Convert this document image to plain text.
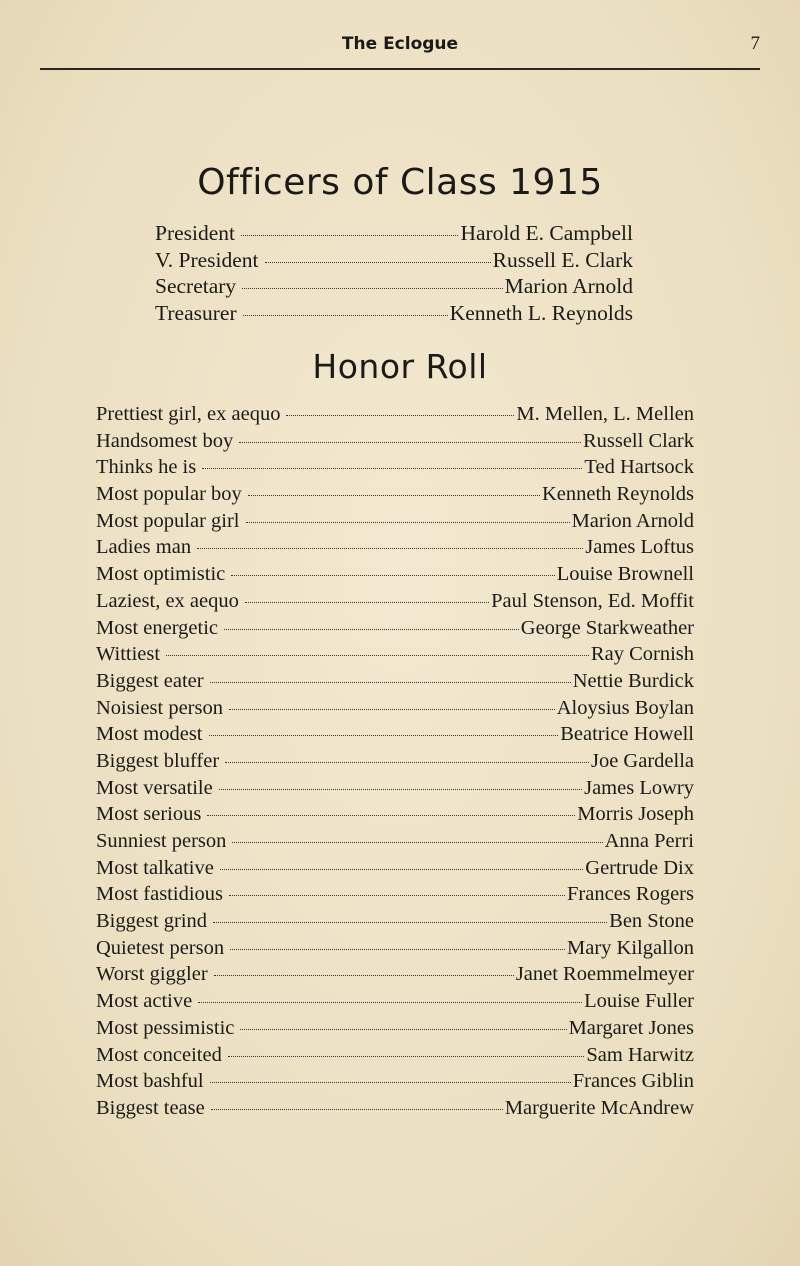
The Eclogue	7
Officers of Class 1915
President	Harold E. Campbell
V. President	Russell E. Clark
Secretary	Marion Arnold
Treasurer	Kenneth L. Reynolds
Honor Roll
Prettiest girl, ex aequo	M. Mellen, L. Mellen
Handsomest boy	Russell Clark
Thinks he is	Ted Hartsock
Most popular boy	Kenneth Reynolds
Most popular girl	Marion Arnold
Ladies man	James Loftus
Most optimistic	Louise Brownell
Laziest, ex aequo	Paul Stenson, Ed. Moffit
Most energetic	George Starkweather
Wittiest	Ray Cornish
Biggest eater	Nettie Burdick
Noisiest person	Aloysius Boylan
Most modest	Beatrice Howell
Biggest bluffer	Joe Gardella
Most versatile	James Lowry
Most serious	Morris Joseph
Sunniest person	Anna Perri
Most talkative	Gertrude Dix
Most fastidious	Frances Rogers
Biggest grind	Ben Stone
Quietest person	Mary Kilgallon
Worst giggler	Janet Roemmelmeyer
Most active	Louise Fuller
Most pessimistic	Margaret Jones
Most conceited	Sam Harwitz
Most bashful	Frances Giblin
Biggest tease	Marguerite McAndrew
